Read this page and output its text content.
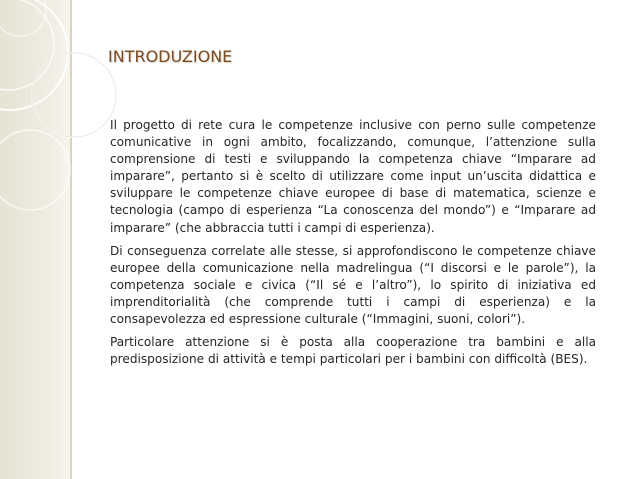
INTRODUZIONE

Il progetto di rete cura le competenze inclusive con perno sulle competenze comunicative in ogni ambito, focalizzando, comunque, l’attenzione sulla comprensione di testi e sviluppando la competenza chiave “Imparare ad imparare”, pertanto si è scelto di utilizzare come input un’uscita didattica e sviluppare le competenze chiave europee di base di matematica, scienze e tecnologia (campo di esperienza “La conoscenza del mondo”) e “Imparare ad imparare” (che abbraccia tutti i campi di esperienza).

Di conseguenza correlate alle stesse, si approfondiscono le competenze chiave europee della comunicazione nella madrelingua (“I discorsi e le parole”), la competenza sociale e civica (“Il sé e l’altro”), lo spirito di iniziativa ed imprenditorialità (che comprende tutti i campi di esperienza) e la consapevolezza ed espressione culturale (“Immagini, suoni, colori”).

Particolare attenzione si è posta alla cooperazione tra bambini e alla predisposizione di attività e tempi particolari per i bambini con difficoltà (BES).
